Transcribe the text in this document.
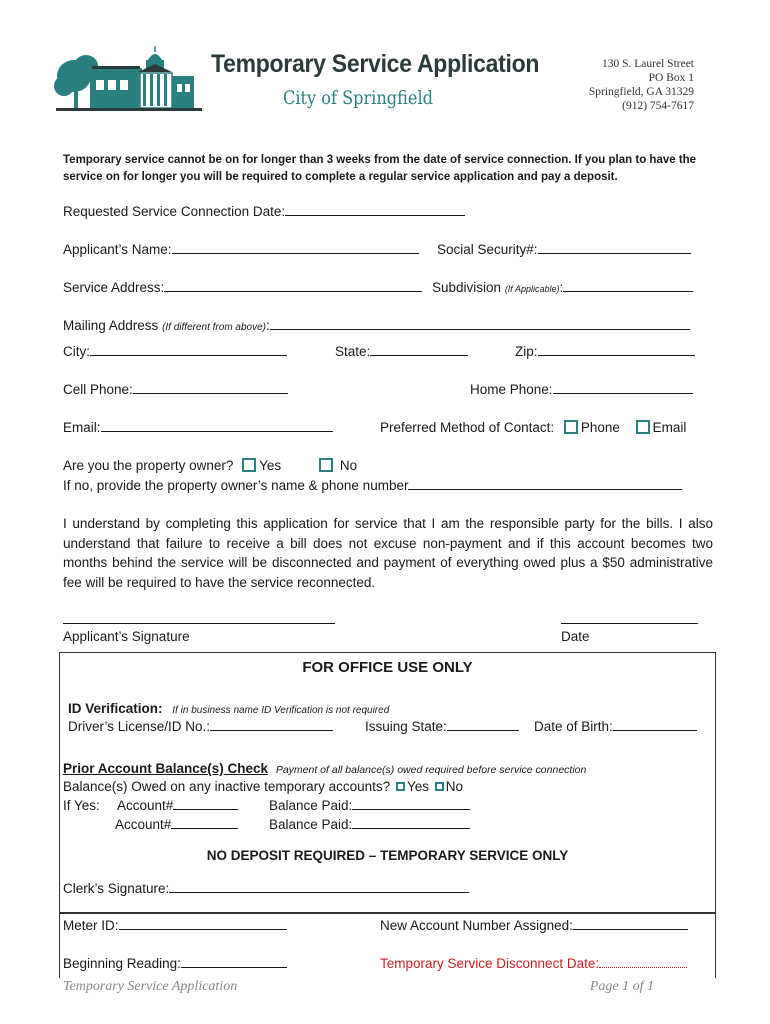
Temporary Service Application
City of Springfield
130 S. Laurel Street
PO Box 1
Springfield, GA 31329
(912) 754-7617
Temporary service cannot be on for longer than 3 weeks from the date of service connection. If you plan to have the service on for longer you will be required to complete a regular service application and pay a deposit.
Requested Service Connection Date:
Applicant’s Name:	Social Security#:
Service Address:	Subdivision (If Applicable):
Mailing Address (If different from above):
City:	State:	Zip:
Cell Phone:	Home Phone:
Email:	Preferred Method of Contact: Phone Email
Are you the property owner? Yes	No
If no, provide the property owner’s name & phone number
I understand by completing this application for service that I am the responsible party for the bills. I also understand that failure to receive a bill does not excuse non-payment and if this account becomes two months behind the service will be disconnected and payment of everything owed plus a $50 administrative fee will be required to have the service reconnected.
Applicant’s Signature	Date
FOR OFFICE USE ONLY
ID Verification: If in business name ID Verification is not required
Driver’s License/ID No.:	Issuing State:	Date of Birth:
Prior Account Balance(s) Check Payment of all balance(s) owed required before service connection
Balance(s) Owed on any inactive temporary accounts? Yes No
If Yes: Account#	Balance Paid:
Account#	Balance Paid:
NO DEPOSIT REQUIRED – TEMPORARY SERVICE ONLY
Clerk’s Signature:
Meter ID:	New Account Number Assigned:
Beginning Reading:	Temporary Service Disconnect Date:
Temporary Service Application	Page 1 of 1
